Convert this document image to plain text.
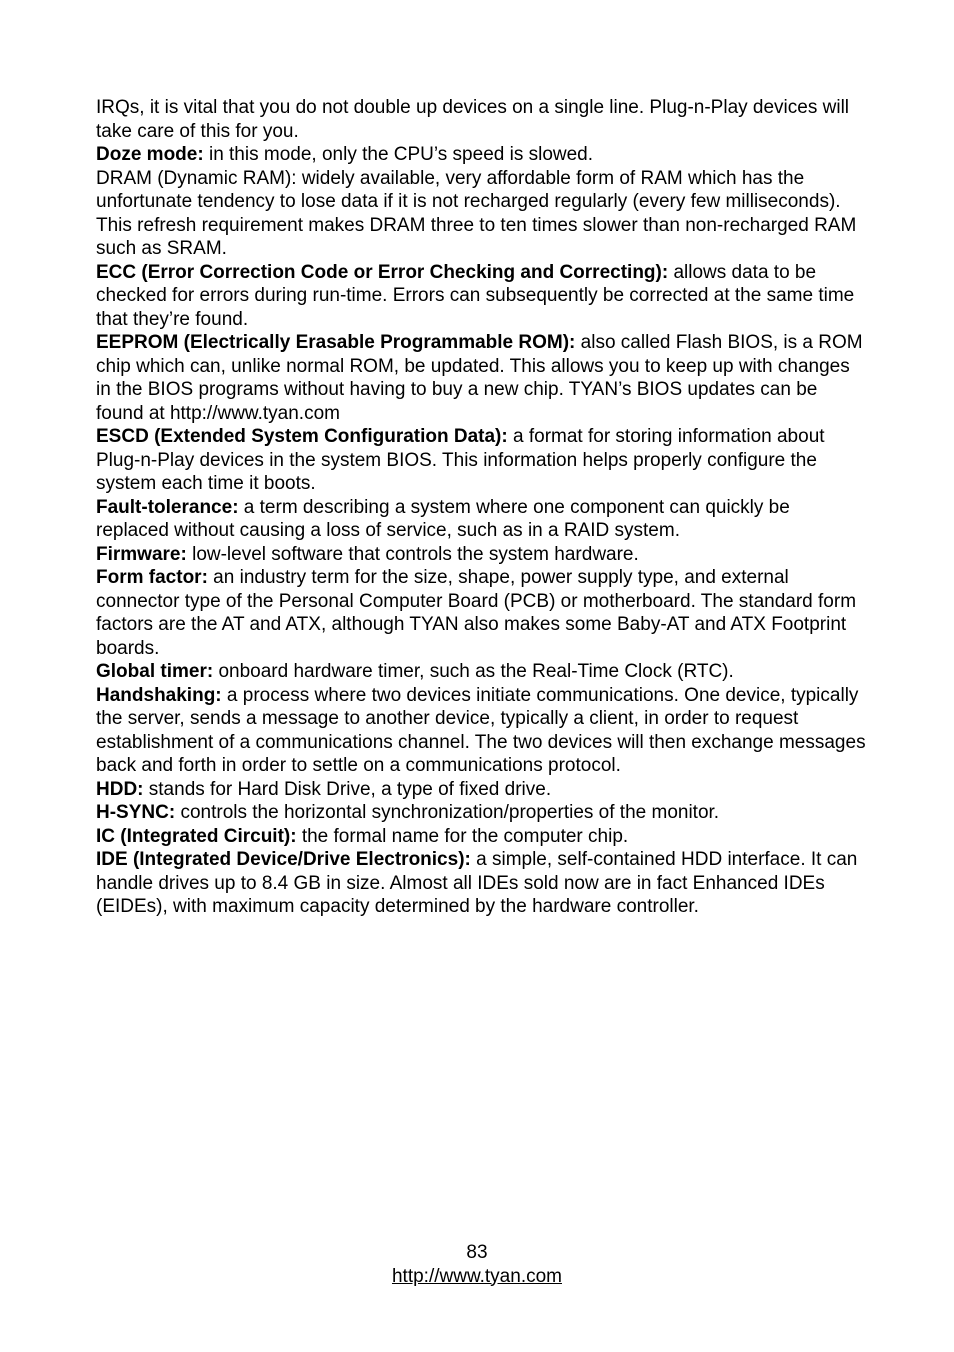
IRQs, it is vital that you do not double up devices on a single line. Plug-n-Play devices will take care of this for you.

Doze mode: in this mode, only the CPU’s speed is slowed.

DRAM (Dynamic RAM): widely available, very affordable form of RAM which has the unfortunate tendency to lose data if it is not recharged regularly (every few milliseconds). This refresh requirement makes DRAM three to ten times slower than non-recharged RAM such as SRAM.

ECC (Error Correction Code or Error Checking and Correcting): allows data to be checked for errors during run-time. Errors can subsequently be corrected at the same time that they’re found.

EEPROM (Electrically Erasable Programmable ROM): also called Flash BIOS, is a ROM chip which can, unlike normal ROM, be updated. This allows you to keep up with changes in the BIOS programs without having to buy a new chip. TYAN’s BIOS updates can be found at http://www.tyan.com

ESCD (Extended System Configuration Data): a format for storing information about Plug-n-Play devices in the system BIOS. This information helps properly configure the system each time it boots.

Fault-tolerance: a term describing a system where one component can quickly be replaced without causing a loss of service, such as in a RAID system.

Firmware: low-level software that controls the system hardware.

Form factor: an industry term for the size, shape, power supply type, and external connector type of the Personal Computer Board (PCB) or motherboard. The standard form factors are the AT and ATX, although TYAN also makes some Baby-AT and ATX Footprint boards.

Global timer: onboard hardware timer, such as the Real-Time Clock (RTC).

Handshaking: a process where two devices initiate communications. One device, typically the server, sends a message to another device, typically a client, in order to request establishment of a communications channel. The two devices will then exchange messages back and forth in order to settle on a communications protocol.

HDD: stands for Hard Disk Drive, a type of fixed drive.

H-SYNC: controls the horizontal synchronization/properties of the monitor.

IC (Integrated Circuit): the formal name for the computer chip.

IDE (Integrated Device/Drive Electronics): a simple, self-contained HDD interface. It can handle drives up to 8.4 GB in size. Almost all IDEs sold now are in fact Enhanced IDEs (EIDEs), with maximum capacity determined by the hardware controller.

83
http://www.tyan.com
